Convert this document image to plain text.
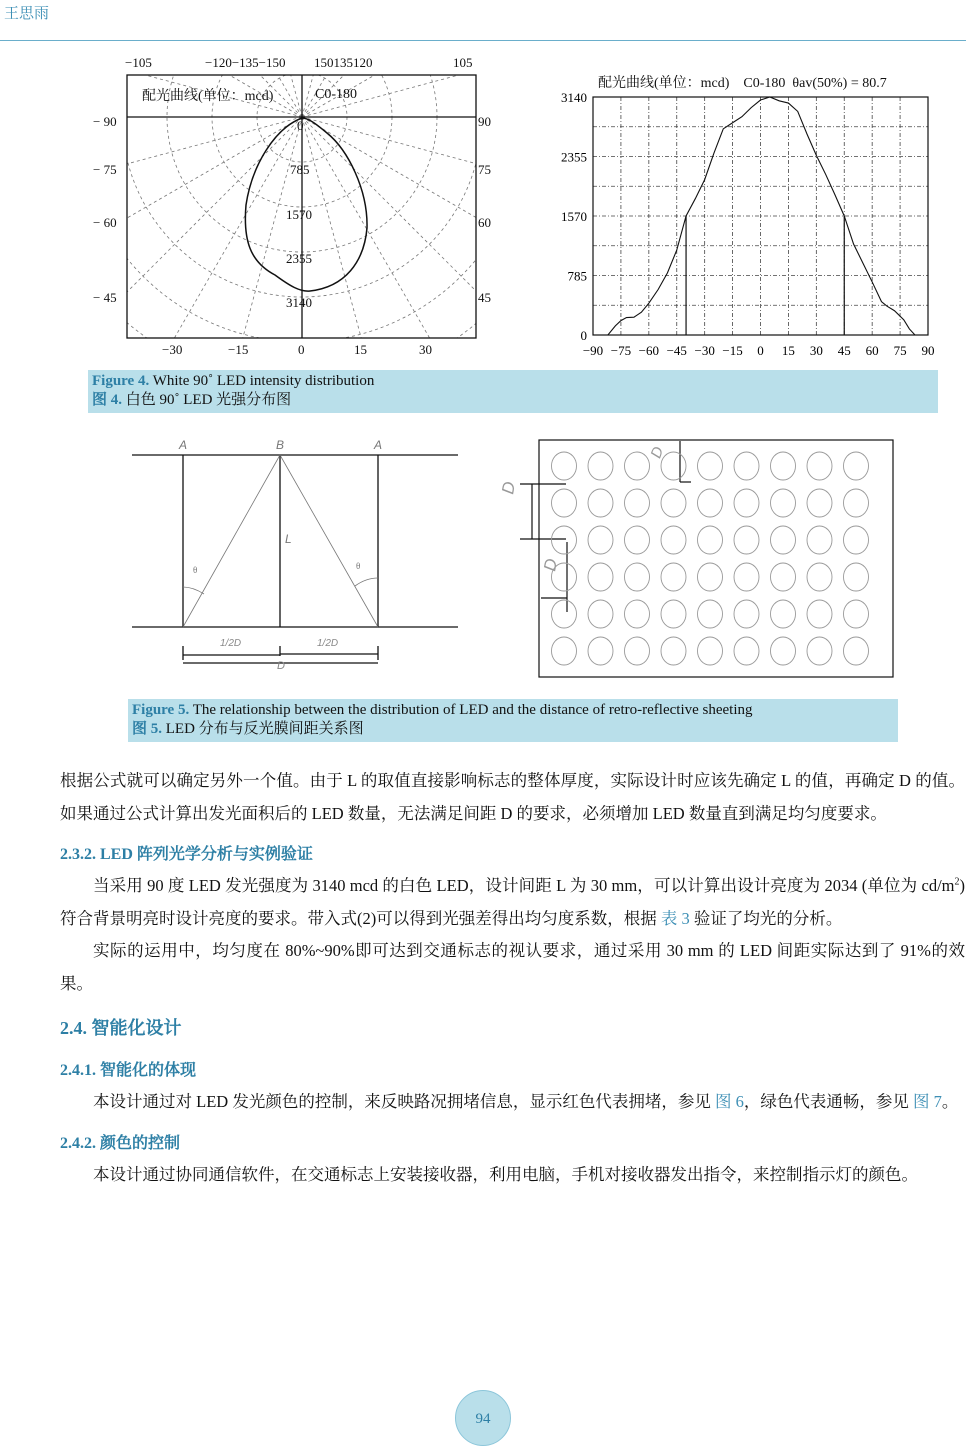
王思雨
配光曲线(单位：mcd)	C0-180
−105	−120−135−150 150135120	105
− 90
− 75
− 60
− 45
90
75
60
45
−30	−15	0	15	30
0
785
1570
2355
3140
−90 −75 −60 −45 −30 −15 0 15 30 45 60 75 90
0
785
1570
2355
3140
配光曲线(单位：mcd)    C0-180  θav(50%) = 80.7
Figure 4. White 90˚ LED intensity distribution
图 4. 白色 90˚ LED 光强分布图
A	B	A
L
θ	θ
1/2D	1/2D
D
D
D
D
Figure 5. The relationship between the distribution of LED and the distance of retro-reflective sheeting
图 5. LED 分布与反光膜间距关系图

根据公式就可以确定另外一个值。由于 L 的取值直接影响标志的整体厚度，实际设计时应该先确定 L 的值，再确定 D 的值。如果通过公式计算出发光面积后的 LED 数量，无法满足间距 D 的要求，必须增加 LED 数量直到满足均匀度要求。

2.3.2. LED 阵列光学分析与实例验证

当采用 90 度 LED 发光强度为 3140 mcd 的白色 LED，设计间距 L 为 30 mm，可以计算出设计亮度为 2034 (单位为 $cd/m^2$)符合背景明亮时设计亮度的要求。带入式(2)可以得到光强差得出均匀度系数，根据 表 3 验证了均光的分析。

实际的运用中，均匀度在 80%~90%即可达到交通标志的视认要求，通过采用 30 mm 的 LED 间距实际达到了 91%的效果。

2.4. 智能化设计
2.4.1. 智能化的体现

本设计通过对 LED 发光颜色的控制，来反映路况拥堵信息，显示红色代表拥堵，参见 图 6，绿色代表通畅，参见 图 7。

2.4.2. 颜色的控制

本设计通过协同通信软件，在交通标志上安装接收器，利用电脑，手机对接收器发出指令，来控制指示灯的颜色。

94
